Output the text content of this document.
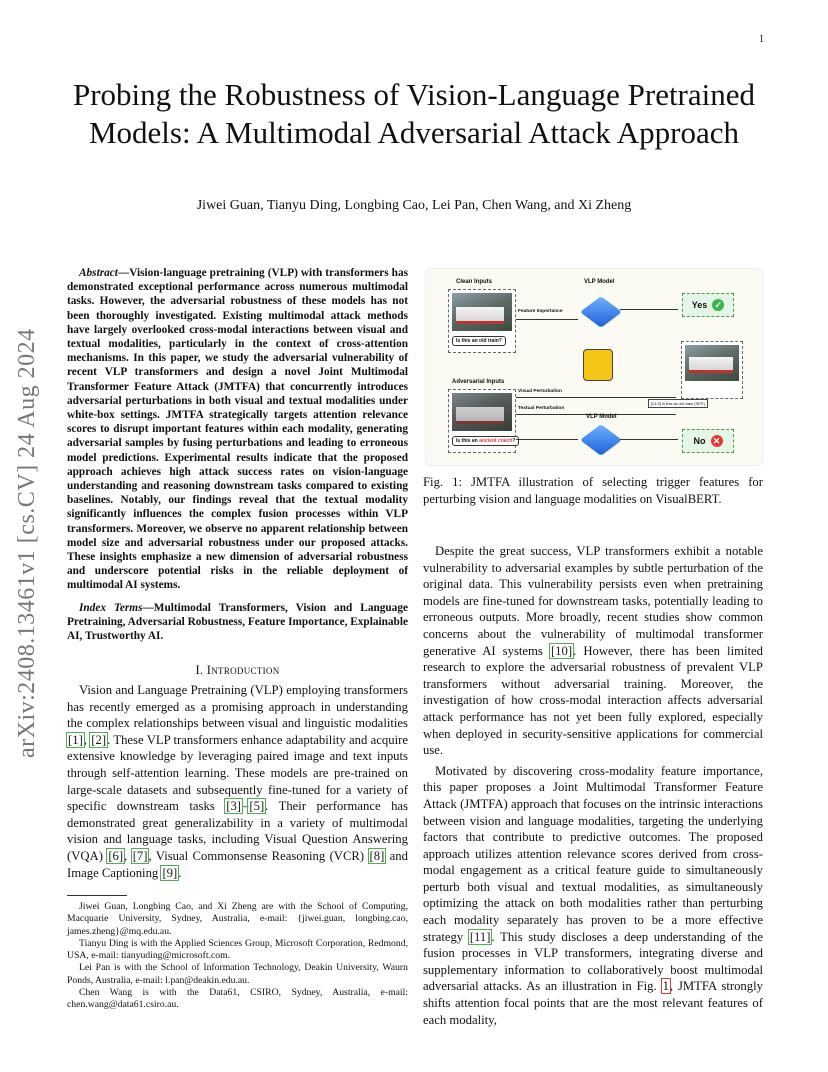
1
arXiv:2408.13461v1 [cs.CV] 24 Aug 2024
Probing the Robustness of Vision-Language Pretrained Models: A Multimodal Adversarial Attack Approach
Jiwei Guan, Tianyu Ding, Longbing Cao, Lei Pan, Chen Wang, and Xi Zheng
Abstract—Vision-language pretraining (VLP) with transformers has demonstrated exceptional performance across numerous multimodal tasks. However, the adversarial robustness of these models has not been thoroughly investigated. Existing multimodal attack methods have largely overlooked cross-modal interactions between visual and textual modalities, particularly in the context of cross-attention mechanisms. In this paper, we study the adversarial vulnerability of recent VLP transformers and design a novel Joint Multimodal Transformer Feature Attack (JMTFA) that concurrently introduces adversarial perturbations in both visual and textual modalities under white-box settings. JMTFA strategically targets attention relevance scores to disrupt important features within each modality, generating adversarial samples by fusing perturbations and leading to erroneous model predictions. Experimental results indicate that the proposed approach achieves high attack success rates on vision-language understanding and reasoning downstream tasks compared to existing baselines. Notably, our findings reveal that the textual modality significantly influences the complex fusion processes within VLP transformers. Moreover, we observe no apparent relationship between model size and adversarial robustness under our proposed attacks. These insights emphasize a new dimension of adversarial robustness and underscore potential risks in the reliable deployment of multimodal AI systems.
Index Terms—Multimodal Transformers, Vision and Language Pretraining, Adversarial Robustness, Feature Importance, Explainable AI, Trustworthy AI.
I. Introduction

Vision and Language Pretraining (VLP) employing transformers has recently emerged as a promising approach in understanding the complex relationships between visual and linguistic modalities [1], [2]. These VLP transformers enhance adaptability and acquire extensive knowledge by leveraging paired image and text inputs through self-attention learning. These models are pre-trained on large-scale datasets and subsequently fine-tuned for a variety of specific downstream tasks [3]–[5]. Their performance has demonstrated great generalizability in a variety of multimodal vision and language tasks, including Visual Question Answering (VQA) [6], [7], Visual Commonsense Reasoning (VCR) [8] and Image Captioning [9].

Jiwei Guan, Longbing Cao, and Xi Zheng are with the School of Computing, Macquarie University, Sydney, Australia, e-mail: {jiwei.guan, longbing.cao, james.zheng}@mq.edu.au.

Tianyu Ding is with the Applied Sciences Group, Microsoft Corporation, Redmond, USA, e-mail: tianyuding@microsoft.com.

Lei Pan is with the School of Information Technology, Deakin University, Waurn Ponds, Australia, e-mail: l.pan@deakin.edu.au.

Chen Wang is with the Data61, CSIRO, Sydney, Australia, e-mail: chen.wang@data61.csiro.au.

Clean Inputs	VLP Model
Is this an old train?
Feature Importance
Yes ✓
[CLS] is this an old train [SEP]
Adversarial Inputs
Visual Perturbation
Textual Perturbation
Is this an ancient coach?
VLP Model
No ✕
Fig. 1: JMTFA illustration of selecting trigger features for perturbing vision and language modalities on VisualBERT.

Despite the great success, VLP transformers exhibit a notable vulnerability to adversarial examples by subtle perturbation of the original data. This vulnerability persists even when pretraining models are fine-tuned for downstream tasks, potentially leading to erroneous outputs. More broadly, recent studies show common concerns about the vulnerability of multimodal transformer generative AI systems [10]. However, there has been limited research to explore the adversarial robustness of prevalent VLP transformers without adversarial training. Moreover, the investigation of how cross-modal interaction affects adversarial attack performance has not yet been fully explored, especially when deployed in security-sensitive applications for commercial use.

Motivated by discovering cross-modality feature importance, this paper proposes a Joint Multimodal Transformer Feature Attack (JMTFA) approach that focuses on the intrinsic interactions between vision and language modalities, targeting the underlying factors that contribute to predictive outcomes. The proposed approach utilizes attention relevance scores derived from cross-modal engagement as a critical feature guide to simultaneously perturb both visual and textual modalities, as simultaneously optimizing the attack on both modalities rather than perturbing each modality separately has proven to be a more effective strategy [11]. This study discloses a deep understanding of the fusion processes in VLP transformers, integrating diverse and supplementary information to collaboratively boost multimodal adversarial attacks. As an illustration in Fig. 1, JMTFA strongly shifts attention focal points that are the most relevant features of each modality,
